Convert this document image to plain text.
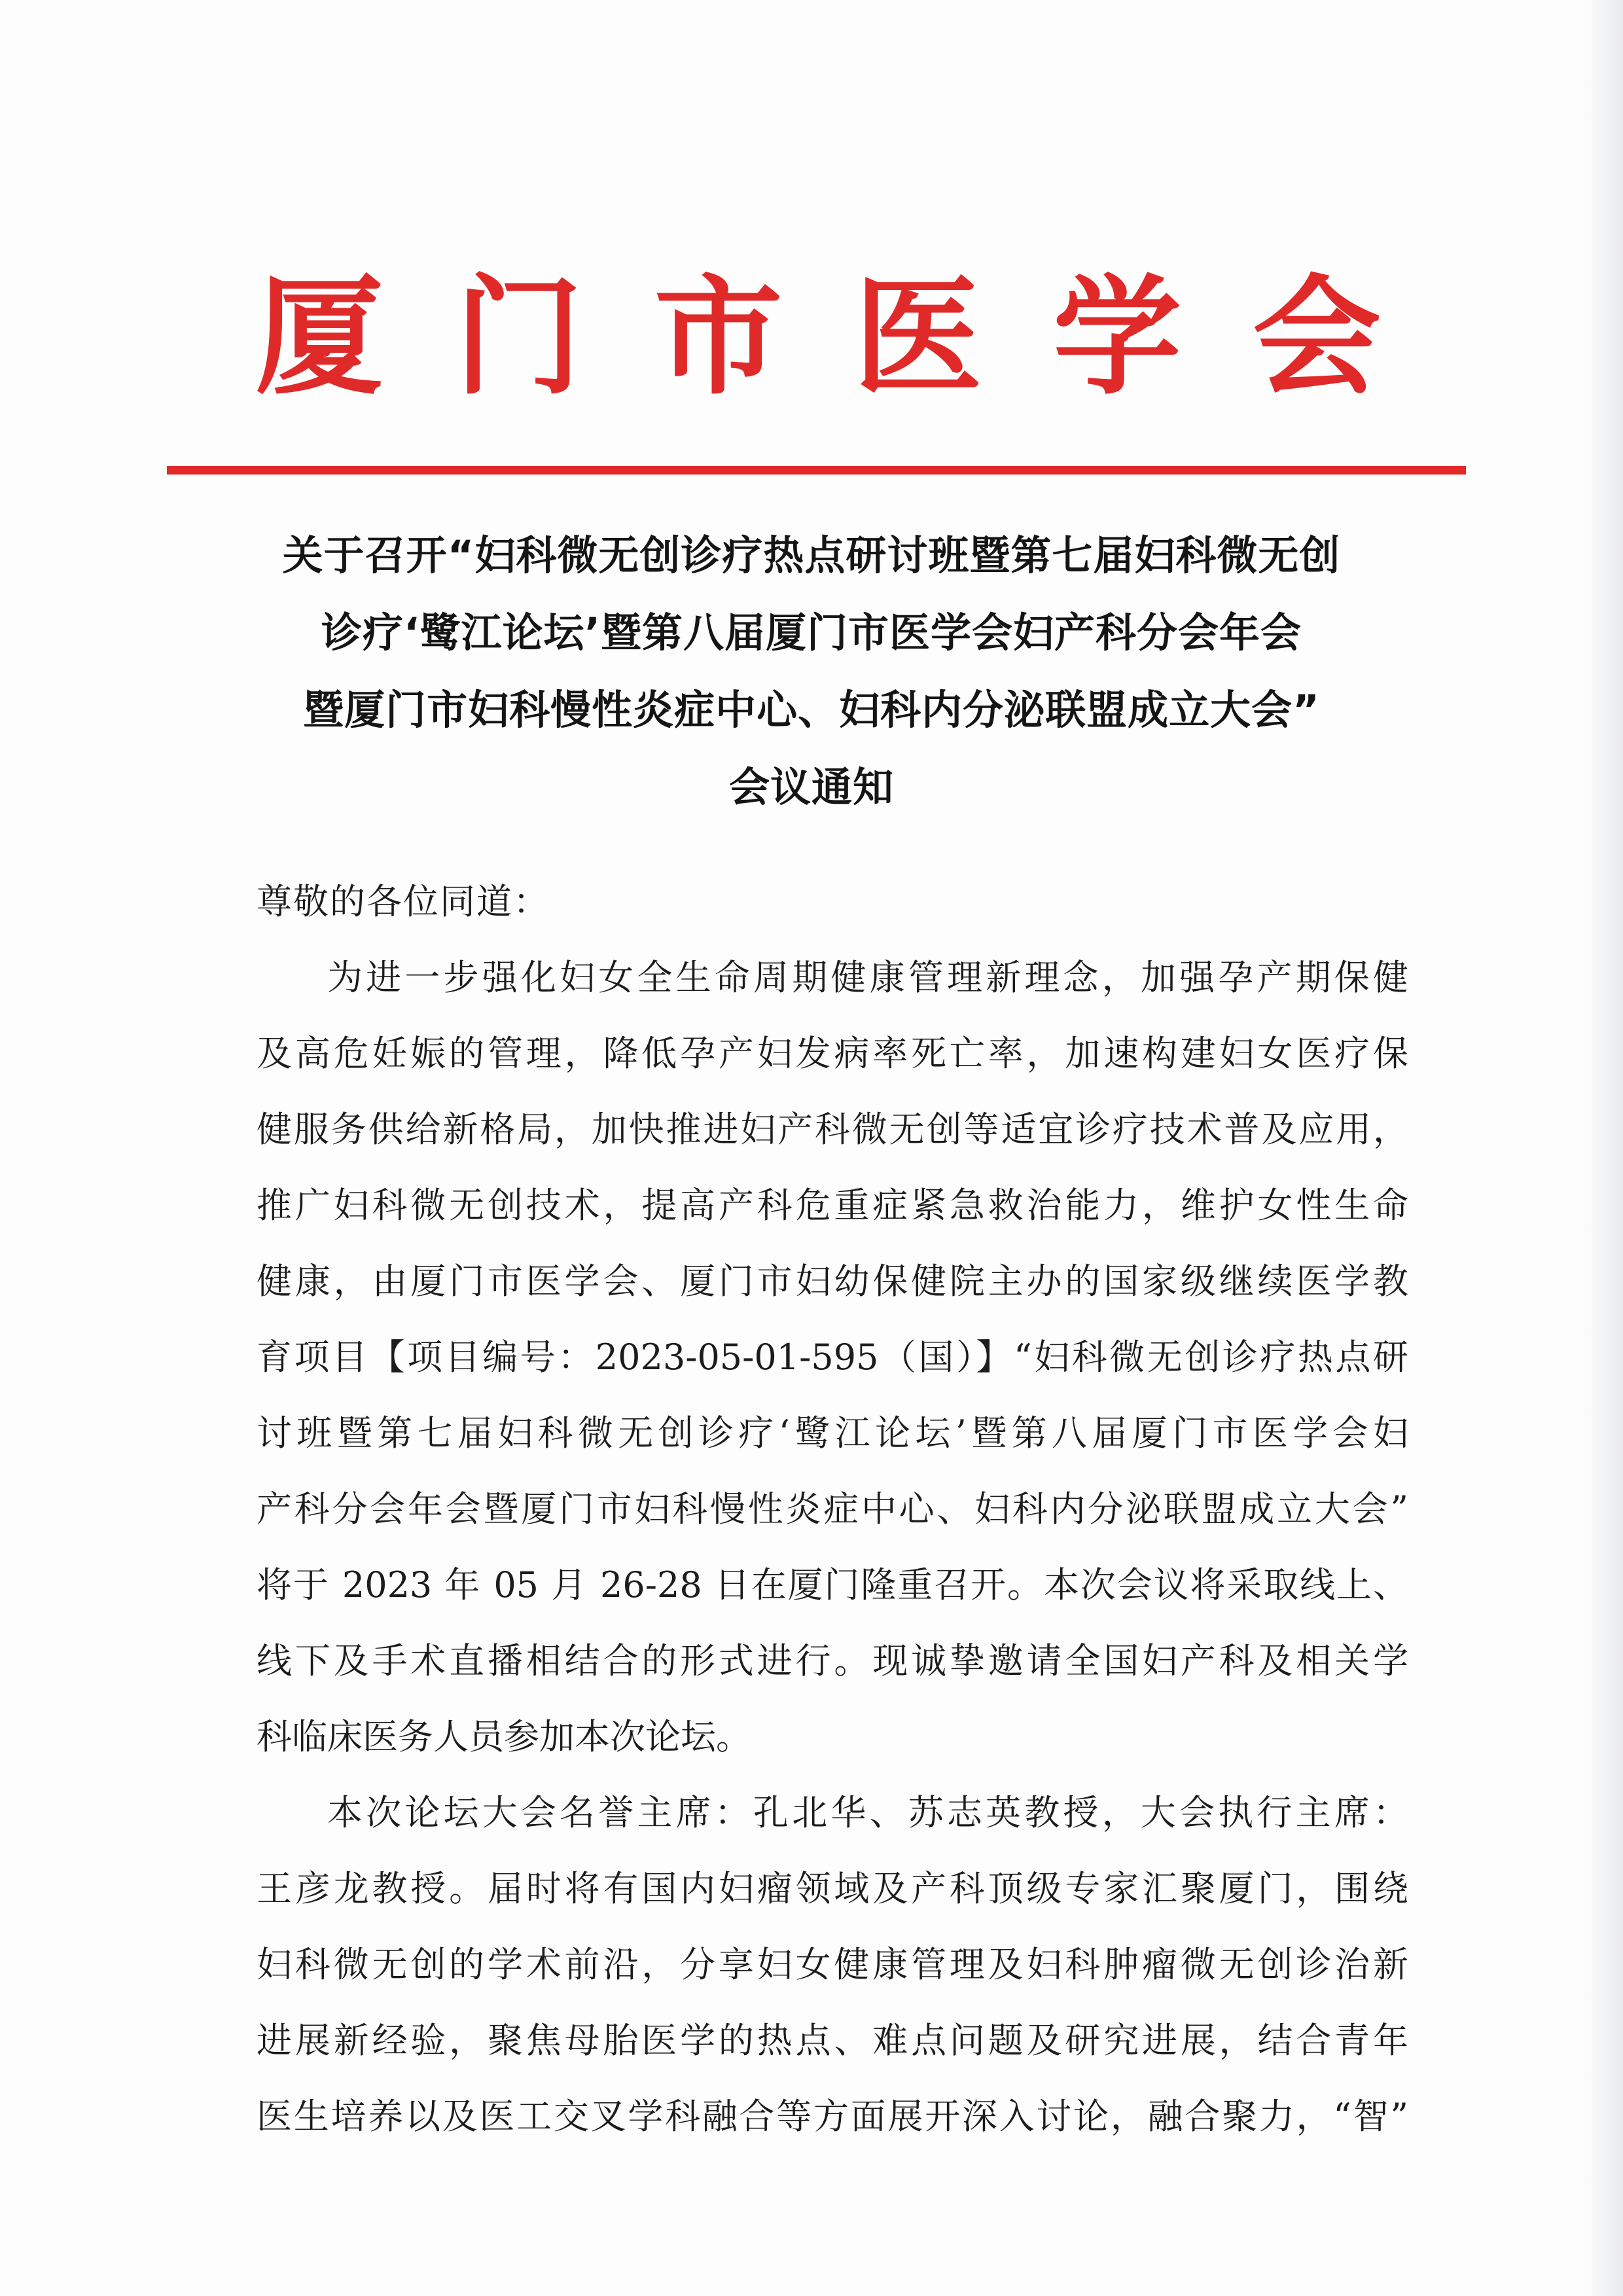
厦 门 市 医 学 会
关于召开“妇科微无创诊疗热点研讨班暨第七届妇科微无创
诊疗‘鹭江论坛’暨第八届厦门市医学会妇产科分会年会
暨厦门市妇科慢性炎症中心、妇科内分泌联盟成立大会”
会议通知
尊敬的各位同道：
为进一步强化妇女全生命周期健康管理新理念，加强孕产期保健
及高危妊娠的管理，降低孕产妇发病率死亡率，加速构建妇女医疗保
健服务供给新格局，加快推进妇产科微无创等适宜诊疗技术普及应用，
推广妇科微无创技术，提高产科危重症紧急救治能力，维护女性生命
健康，由厦门市医学会、厦门市妇幼保健院主办的国家级继续医学教
育项目【项目编号：2023-05-01-595（国）】“妇科微无创诊疗热点研
讨班暨第七届妇科微无创诊疗‘鹭江论坛’暨第八届厦门市医学会妇
产科分会年会暨厦门市妇科慢性炎症中心、妇科内分泌联盟成立大会”
将于 2023 年 05 月 26-28 日在厦门隆重召开。本次会议将采取线上、
线下及手术直播相结合的形式进行。现诚挚邀请全国妇产科及相关学
科临床医务人员参加本次论坛。
本次论坛大会名誉主席：孔北华、苏志英教授，大会执行主席：
王彦龙教授。届时将有国内妇瘤领域及产科顶级专家汇聚厦门，围绕
妇科微无创的学术前沿，分享妇女健康管理及妇科肿瘤微无创诊治新
进展新经验，聚焦母胎医学的热点、难点问题及研究进展，结合青年
医生培养以及医工交叉学科融合等方面展开深入讨论，融合聚力，“智”
